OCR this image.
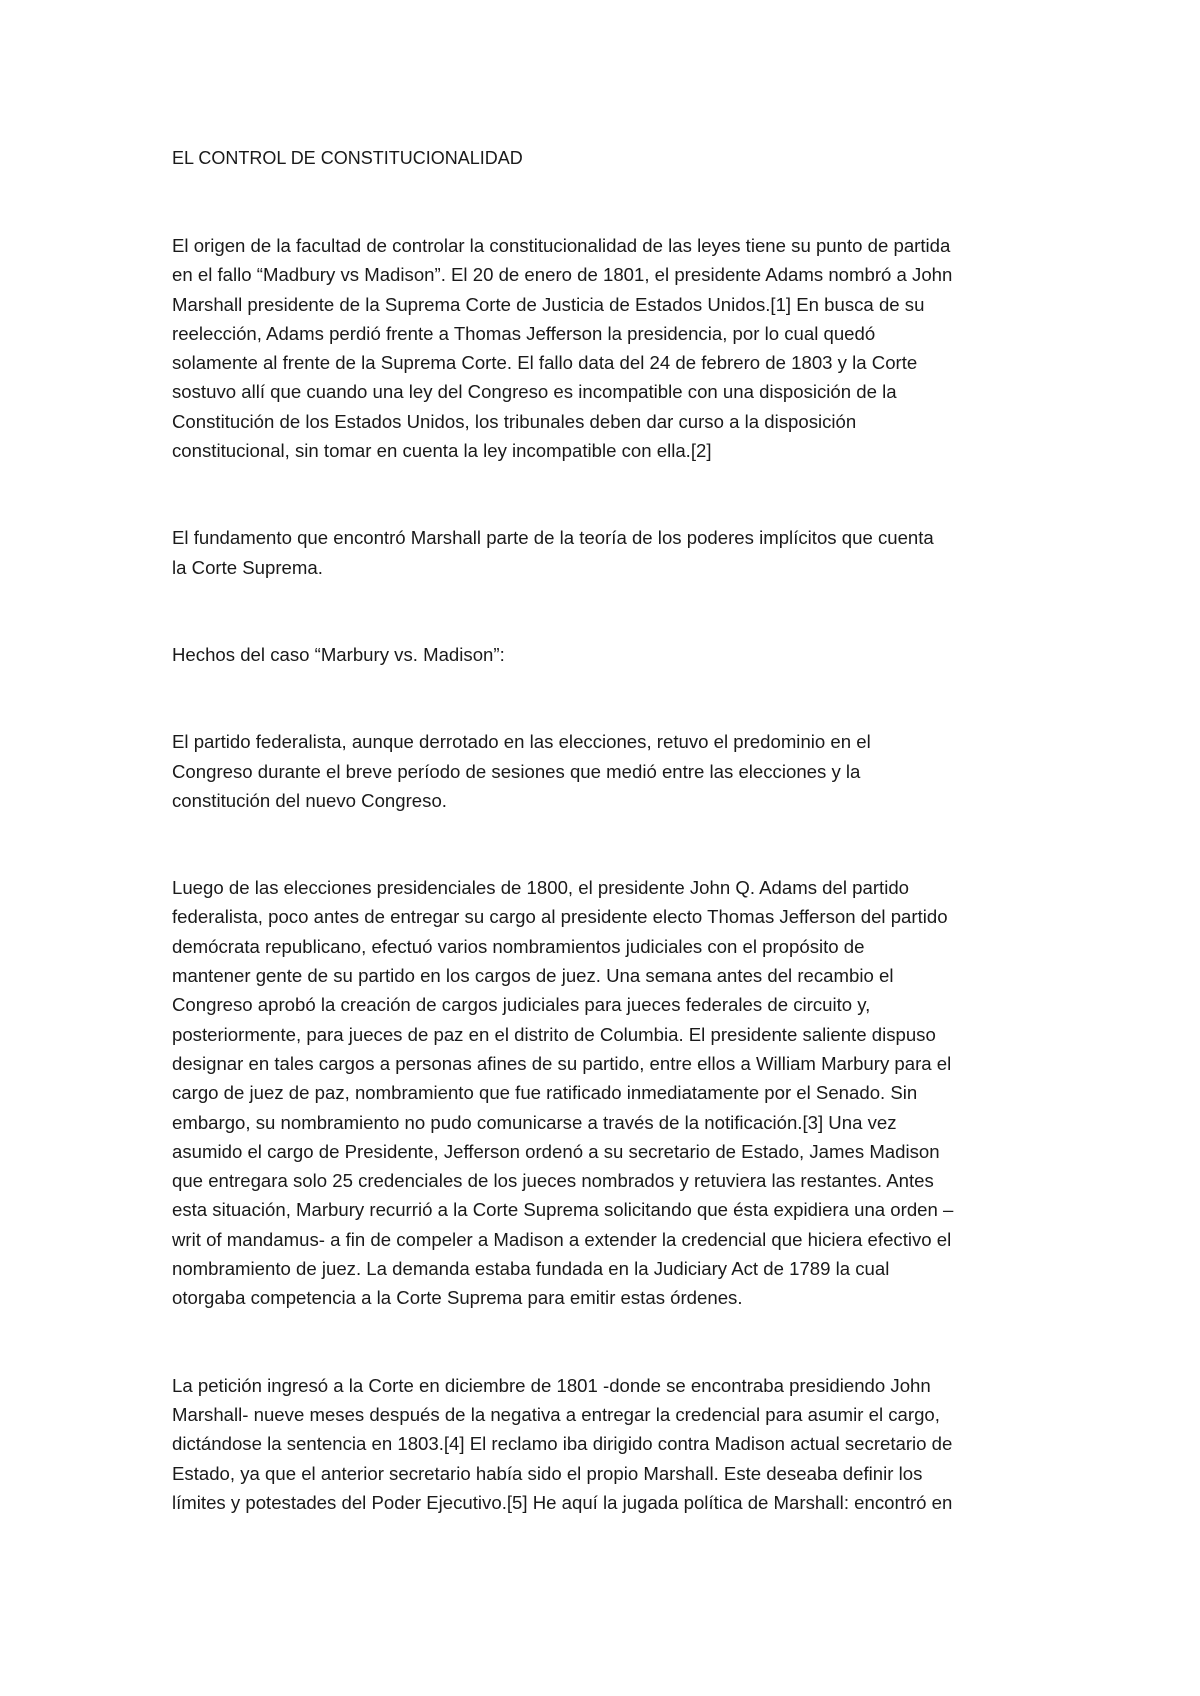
EL CONTROL DE CONSTITUCIONALIDAD
El origen de la facultad de controlar la constitucionalidad de las leyes tiene su punto de partida
en el fallo “Madbury vs Madison”. El 20 de enero de 1801, el presidente Adams nombró a John
Marshall presidente de la Suprema Corte de Justicia de Estados Unidos.[1] En busca de su
reelección, Adams perdió frente a Thomas Jefferson la presidencia, por lo cual quedó
solamente al frente de la Suprema Corte. El fallo data del 24 de febrero de 1803 y la Corte
sostuvo allí que cuando una ley del Congreso es incompatible con una disposición de la
Constitución de los Estados Unidos, los tribunales deben dar curso a la disposición
constitucional, sin tomar en cuenta la ley incompatible con ella.[2]
El fundamento que encontró Marshall parte de la teoría de los poderes implícitos que cuenta
la Corte Suprema.
Hechos del caso “Marbury vs. Madison”:
El partido federalista, aunque derrotado en las elecciones, retuvo el predominio en el
Congreso durante el breve período de sesiones que medió entre las elecciones y la
constitución del nuevo Congreso.
Luego de las elecciones presidenciales de 1800, el presidente John Q. Adams del partido
federalista, poco antes de entregar su cargo al presidente electo Thomas Jefferson del partido
demócrata republicano, efectuó varios nombramientos judiciales con el propósito de
mantener gente de su partido en los cargos de juez. Una semana antes del recambio el
Congreso aprobó la creación de cargos judiciales para jueces federales de circuito y,
posteriormente, para jueces de paz en el distrito de Columbia. El presidente saliente dispuso
designar en tales cargos a personas afines de su partido, entre ellos a William Marbury para el
cargo de juez de paz, nombramiento que fue ratificado inmediatamente por el Senado. Sin
embargo, su nombramiento no pudo comunicarse a través de la notificación.[3] Una vez
asumido el cargo de Presidente, Jefferson ordenó a su secretario de Estado, James Madison
que entregara solo 25 credenciales de los jueces nombrados y retuviera las restantes. Antes
esta situación, Marbury recurrió a la Corte Suprema solicitando que ésta expidiera una orden –
writ of mandamus- a fin de compeler a Madison a extender la credencial que hiciera efectivo el
nombramiento de juez. La demanda estaba fundada en la Judiciary Act de 1789 la cual
otorgaba competencia a la Corte Suprema para emitir estas órdenes.
La petición ingresó a la Corte en diciembre de 1801 -donde se encontraba presidiendo John
Marshall- nueve meses después de la negativa a entregar la credencial para asumir el cargo,
dictándose la sentencia en 1803.[4] El reclamo iba dirigido contra Madison actual secretario de
Estado, ya que el anterior secretario había sido el propio Marshall. Este deseaba definir los
límites y potestades del Poder Ejecutivo.[5] He aquí la jugada política de Marshall: encontró en
